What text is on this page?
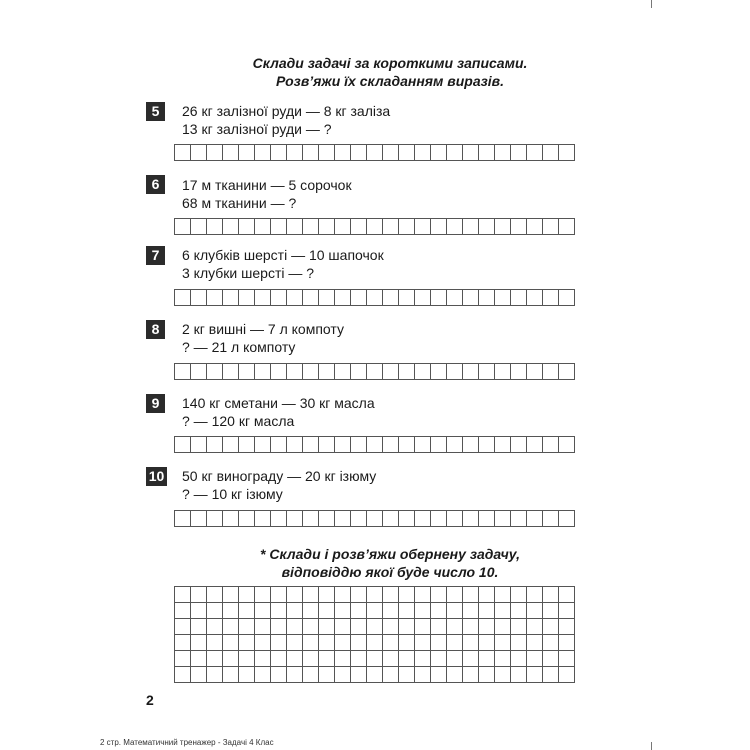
Склади задачі за короткими записами.
Розв’яжи їх складанням виразів.
5	26 кг залізної руди — 8 кг заліза
13 кг залізної руди — ?
6	17 м тканини — 5 сорочок
68 м тканини — ?
7	6 клубків шерсті — 10 шапочок
3 клубки шерсті — ?
8	2 кг вишні — 7 л компоту
? — 21 л компоту
9	140 кг сметани — 30 кг масла
? — 120 кг масла
10 50 кг винограду — 20 кг ізюму
? — 10 кг ізюму
* Склади і розв’яжи обернену задачу,
відповіддю якої буде число 10.
2
2 стр. Математичний тренажер - Задачі 4 Клас
